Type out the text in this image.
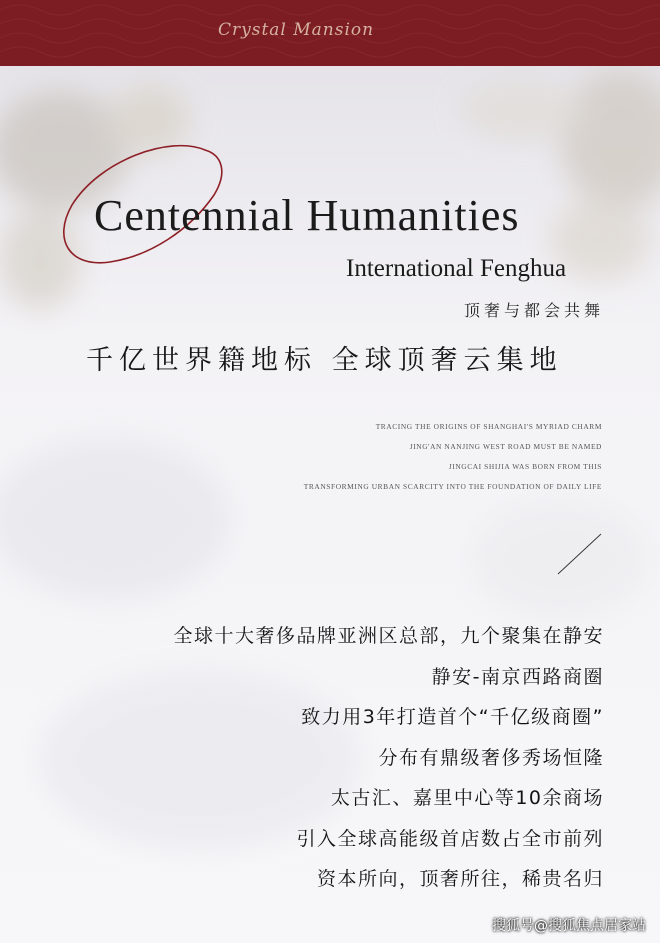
Crystal Mansion
Centennial Humanities
International Fenghua
顶奢与都会共舞
千亿世界籍地标 全球顶奢云集地
TRACING THE ORIGINS OF SHANGHAI'S MYRIAD CHARM
JING'AN NANJING WEST ROAD MUST BE NAMED
JINGCAI SHIJIA WAS BORN FROM THIS
TRANSFORMING URBAN SCARCITY INTO THE FOUNDATION OF DAILY LIFE
全球十大奢侈品牌亚洲区总部，九个聚集在静安
静安-南京西路商圈
致力用3年打造首个“千亿级商圈”
分布有鼎级奢侈秀场恒隆
太古汇、嘉里中心等10余商场
引入全球高能级首店数占全市前列
资本所向，顶奢所往，稀贵名归
搜狐号@搜狐焦点居家站
